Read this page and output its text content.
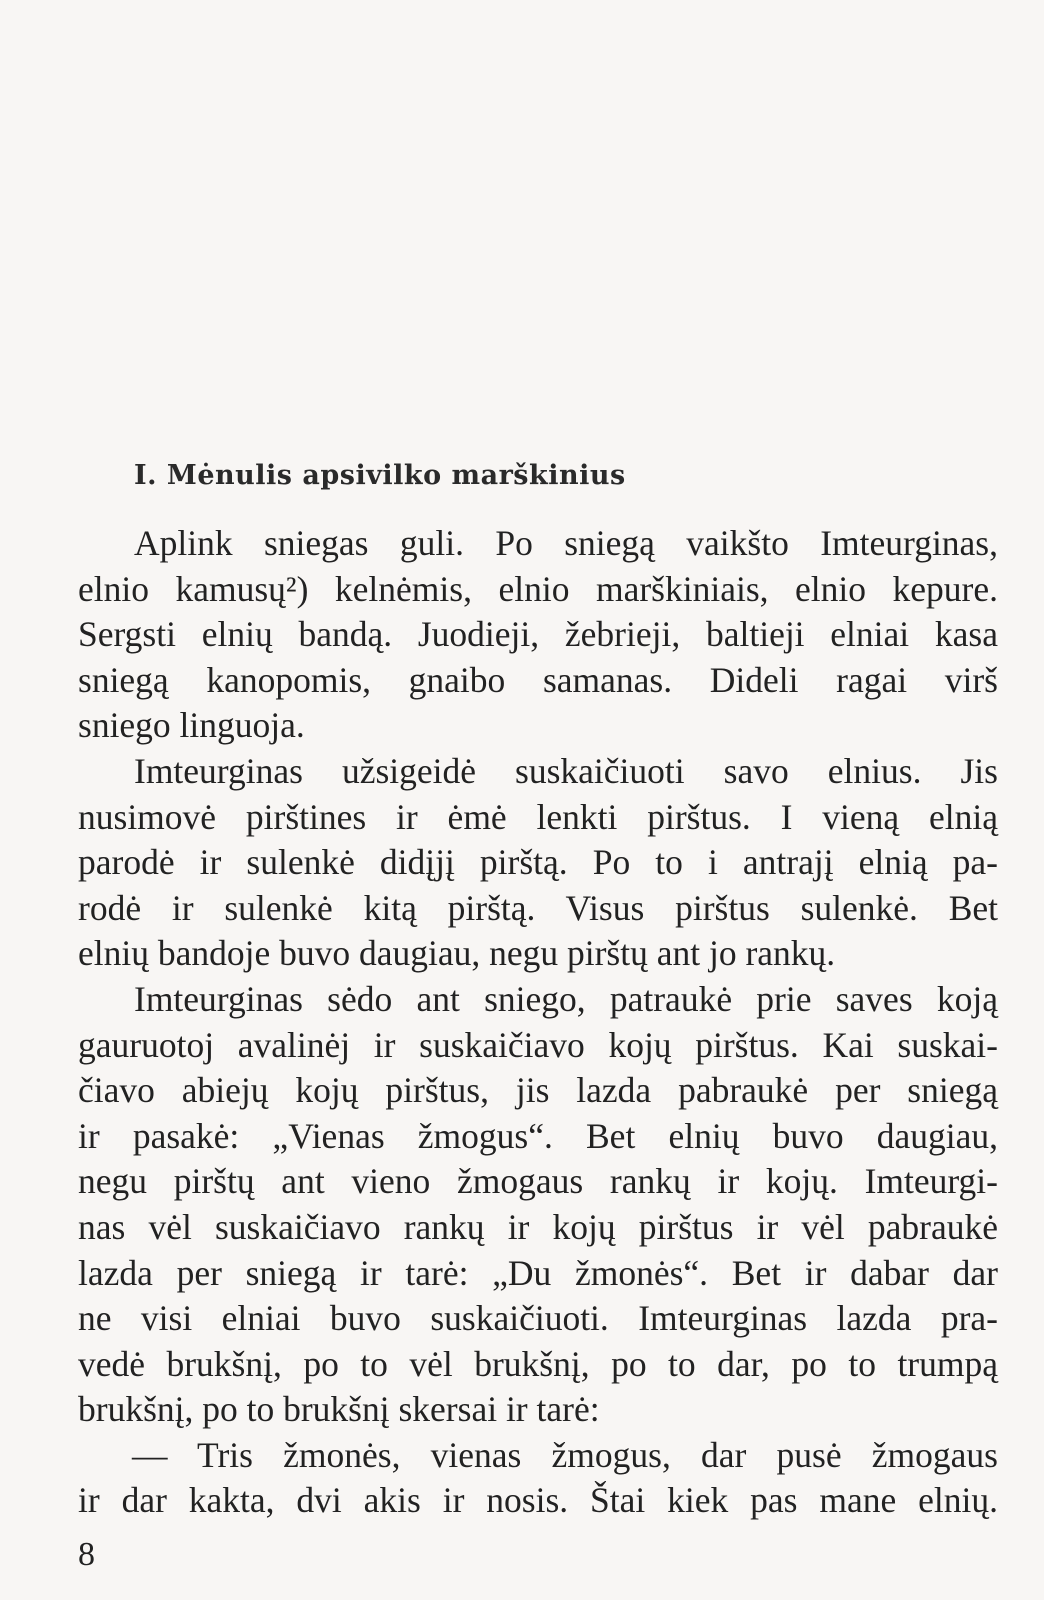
I. Mėnulis apsivilko marškinius
Aplink sniegas guli. Po sniegą vaikšto Imteurginas,
elnio kamusų²) kelnėmis, elnio marškiniais, elnio kepure.
Sergsti elnių bandą. Juodieji, žebrieji, baltieji elniai kasa
sniegą kanopomis, gnaibo samanas. Dideli ragai virš
sniego linguoja.
Imteurginas užsigeidė suskaičiuoti savo elnius. Jis
nusimovė pirštines ir ėmė lenkti pirštus. I vieną elnią
parodė ir sulenkė didįjį pirštą. Po to i antrajį elnią pa-
rodė ir sulenkė kitą pirštą. Visus pirštus sulenkė. Bet
elnių bandoje buvo daugiau, negu pirštų ant jo rankų.
Imteurginas sėdo ant sniego, patraukė prie saves koją
gauruotoj avalinėj ir suskaičiavo kojų pirštus. Kai suskai-
čiavo abiejų kojų pirštus, jis lazda pabraukė per sniegą
ir pasakė: „Vienas žmogus“. Bet elnių buvo daugiau,
negu pirštų ant vieno žmogaus rankų ir kojų. Imteurgi-
nas vėl suskaičiavo rankų ir kojų pirštus ir vėl pabraukė
lazda per sniegą ir tarė: „Du žmonės“. Bet ir dabar dar
ne visi elniai buvo suskaičiuoti. Imteurginas lazda pra-
vedė brukšnį, po to vėl brukšnį, po to dar, po to trumpą
brukšnį, po to brukšnį skersai ir tarė:
— Tris žmonės, vienas žmogus, dar pusė žmogaus
ir dar kakta, dvi akis ir nosis. Štai kiek pas mane elnių.
8
